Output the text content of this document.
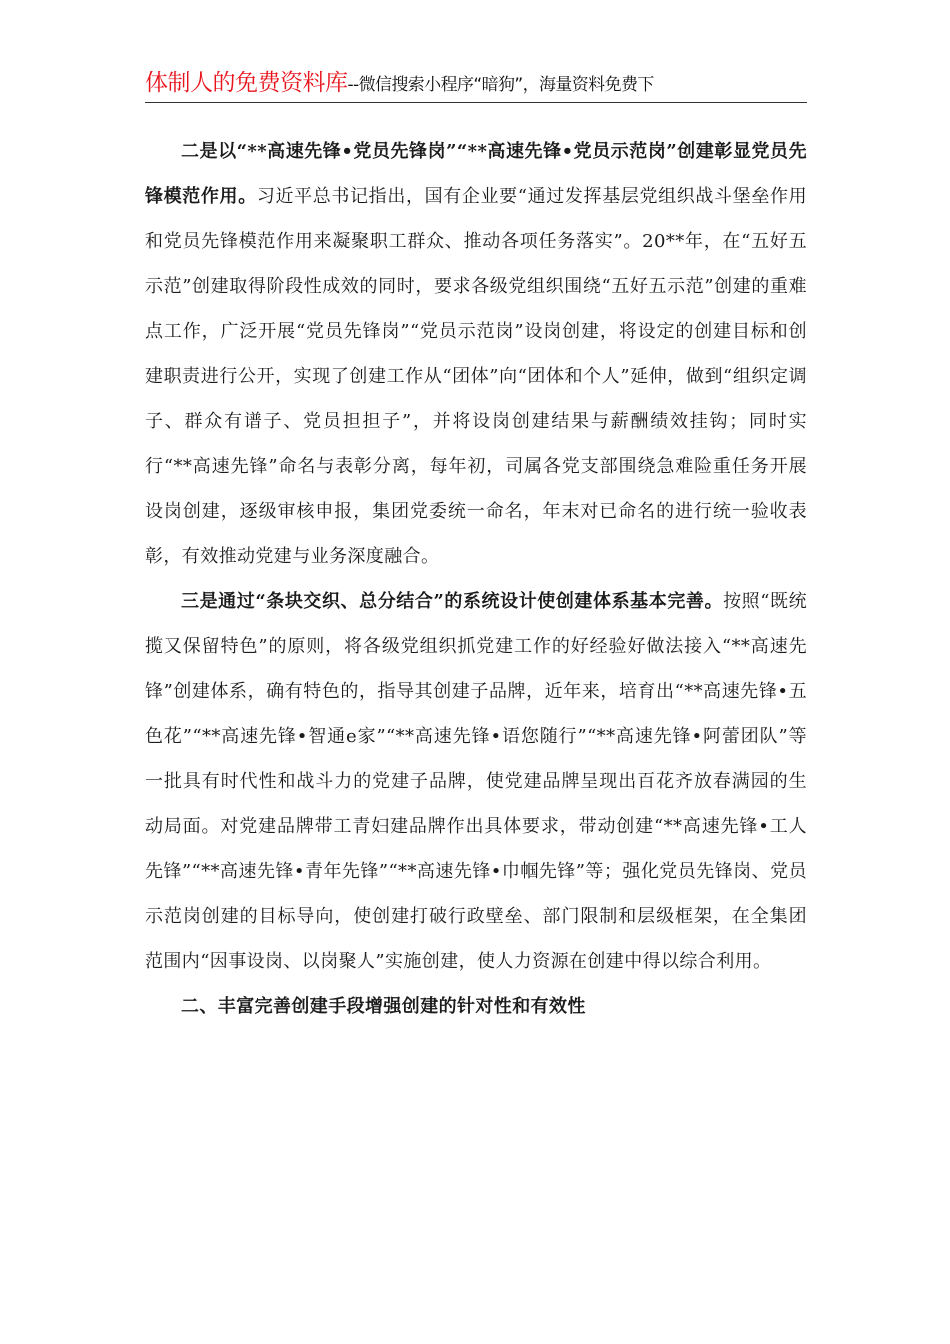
体制人的免费资料库--微信搜索小程序“暗狗”，海量资料免费下

二是以“**高速先锋•党员先锋岗”“**高速先锋•党员示范岗”创建彰显党员先锋模范作用。习近平总书记指出，国有企业要“通过发挥基层党组织战斗堡垒作用和党员先锋模范作用来凝聚职工群众、推动各项任务落实”。20**年，在“五好五示范”创建取得阶段性成效的同时，要求各级党组织围绕“五好五示范”创建的重难点工作，广泛开展“党员先锋岗”“党员示范岗”设岗创建，将设定的创建目标和创建职责进行公开，实现了创建工作从“团体”向“团体和个人”延伸，做到“组织定调子、群众有谱子、党员担担子”，并将设岗创建结果与薪酬绩效挂钩；同时实行“**高速先锋”命名与表彰分离，每年初，司属各党支部围绕急难险重任务开展设岗创建，逐级审核申报，集团党委统一命名，年末对已命名的进行统一验收表彰，有效推动党建与业务深度融合。

三是通过“条块交织、总分结合”的系统设计使创建体系基本完善。按照“既统揽又保留特色”的原则，将各级党组织抓党建工作的好经验好做法接入“**高速先锋”创建体系，确有特色的，指导其创建子品牌，近年来，培育出“**高速先锋•五色花”“**高速先锋•智通e家”“**高速先锋•语您随行”“**高速先锋•阿蕾团队”等一批具有时代性和战斗力的党建子品牌，使党建品牌呈现出百花齐放春满园的生动局面。对党建品牌带工青妇建品牌作出具体要求，带动创建“**高速先锋•工人先锋”“**高速先锋•青年先锋”“**高速先锋•巾帼先锋”等；强化党员先锋岗、党员示范岗创建的目标导向，使创建打破行政壁垒、部门限制和层级框架，在全集团范围内“因事设岗、以岗聚人”实施创建，使人力资源在创建中得以综合利用。

二、丰富完善创建手段增强创建的针对性和有效性
